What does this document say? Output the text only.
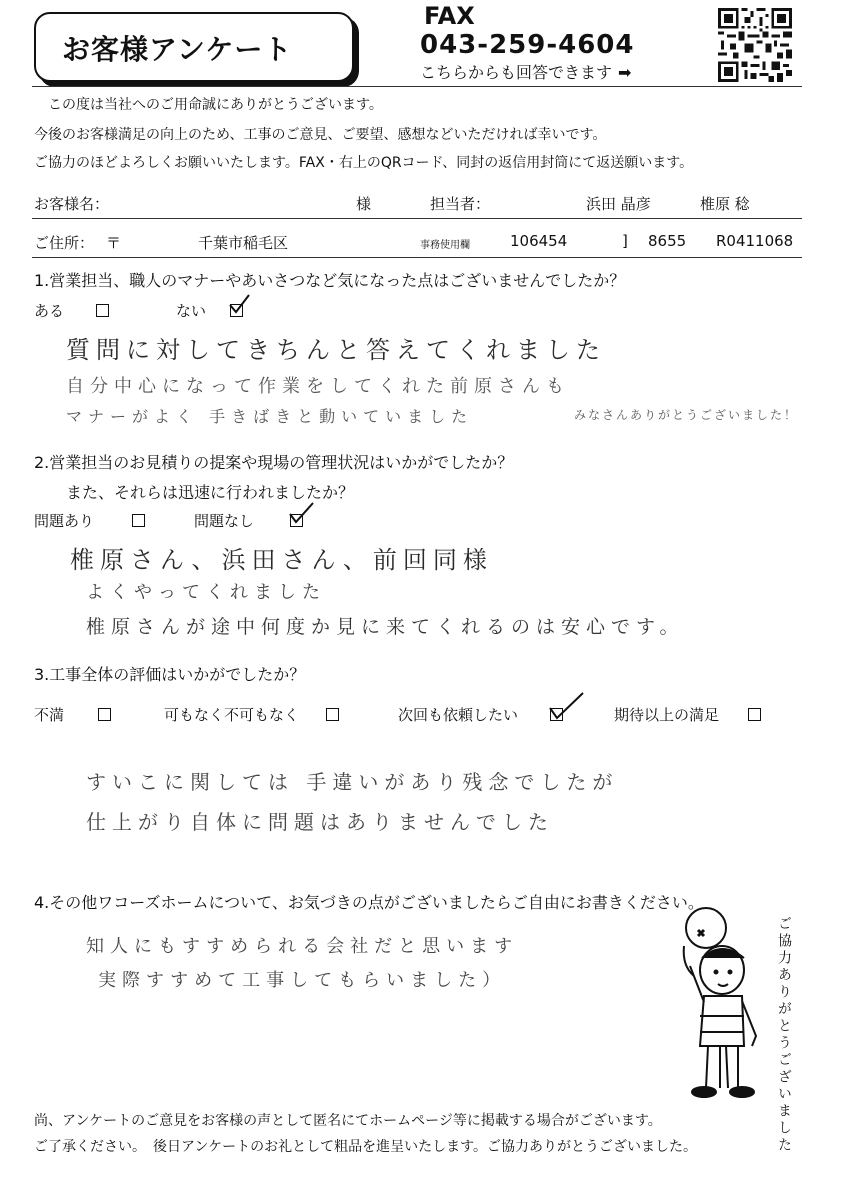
お客様アンケート
FAX
043-259-4604
こちらからも回答できます ➡
この度は当社へのご用命誠にありがとうございます。
今後のお客様満足の向上のため、工事のご意見、ご要望、感想などいただければ幸いです。
ご協力のほどよろしくお願いいたします。FAX・右上のQRコード、同封の返信用封筒にて返送願います。
お客様名：	様	担当者：	浜田 晶彦	椎原 稔
ご住所： 〒	千葉市稲毛区	事務使用欄	106454	] 8655 R0411068
1.営業担当、職人のマナーやあいさつなど気になった点はございませんでしたか？
ある	ない
質問に対してきちんと答えてくれました
自分中心になって作業をしてくれた前原さんも
マナーがよく 手きばきと動いていました	みなさんありがとうございました！
2.営業担当のお見積りの提案や現場の管理状況はいかがでしたか？
また、それらは迅速に行われましたか？
問題あり	問題なし
椎原さん、浜田さん、前回同様
よくやってくれました
椎原さんが途中何度か見に来てくれるのは安心です。
3.工事全体の評価はいかがでしたか？
不満	可もなく不可もなく	次回も依頼したい	期待以上の満足
すいこに関しては 手違いがあり残念でしたが
仕上がり自体に問題はありませんでした
4.その他ワコーズホームについて、お気づきの点がございましたらご自由にお書きください。
知人にもすすめられる会社だと思います
実際すすめて工事してもらいました）	ご協力ありがとうございました
尚、アンケートのご意見をお客様の声として匿名にてホームページ等に掲載する場合がございます。
ご了承ください。　後日アンケートのお礼として粗品を進呈いたします。ご協力ありがとうございました。
